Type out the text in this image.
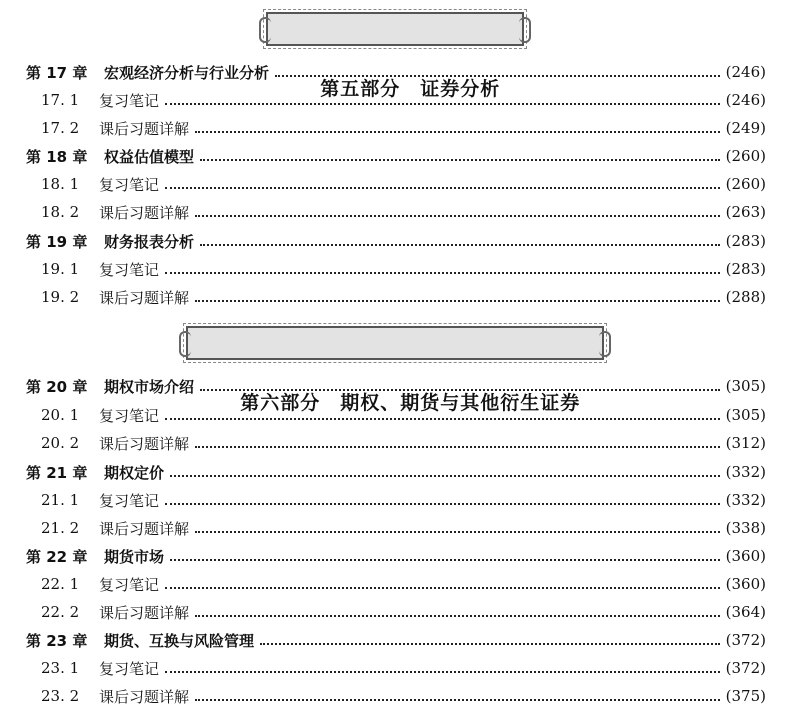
第五部分　证券分析

第 17 章	宏观经济分析与行业分析	(246)
17. 1	复习笔记	(246)
17. 2	课后习题详解	(249)
第 18 章	权益估值模型	(260)
18. 1	复习笔记	(260)
18. 2	课后习题详解	(263)
第 19 章	财务报表分析	(283)
19. 1	复习笔记	(283)
19. 2	课后习题详解	(288)

第六部分　期权、期货与其他衍生证券

第 20 章	期权市场介绍	(305)
20. 1	复习笔记	(305)
20. 2	课后习题详解	(312)
第 21 章	期权定价	(332)
21. 1	复习笔记	(332)
21. 2	课后习题详解	(338)
第 22 章	期货市场	(360)
22. 1	复习笔记	(360)
22. 2	课后习题详解	(364)
第 23 章	期货、互换与风险管理	(372)
23. 1	复习笔记	(372)
23. 2	课后习题详解	(375)
